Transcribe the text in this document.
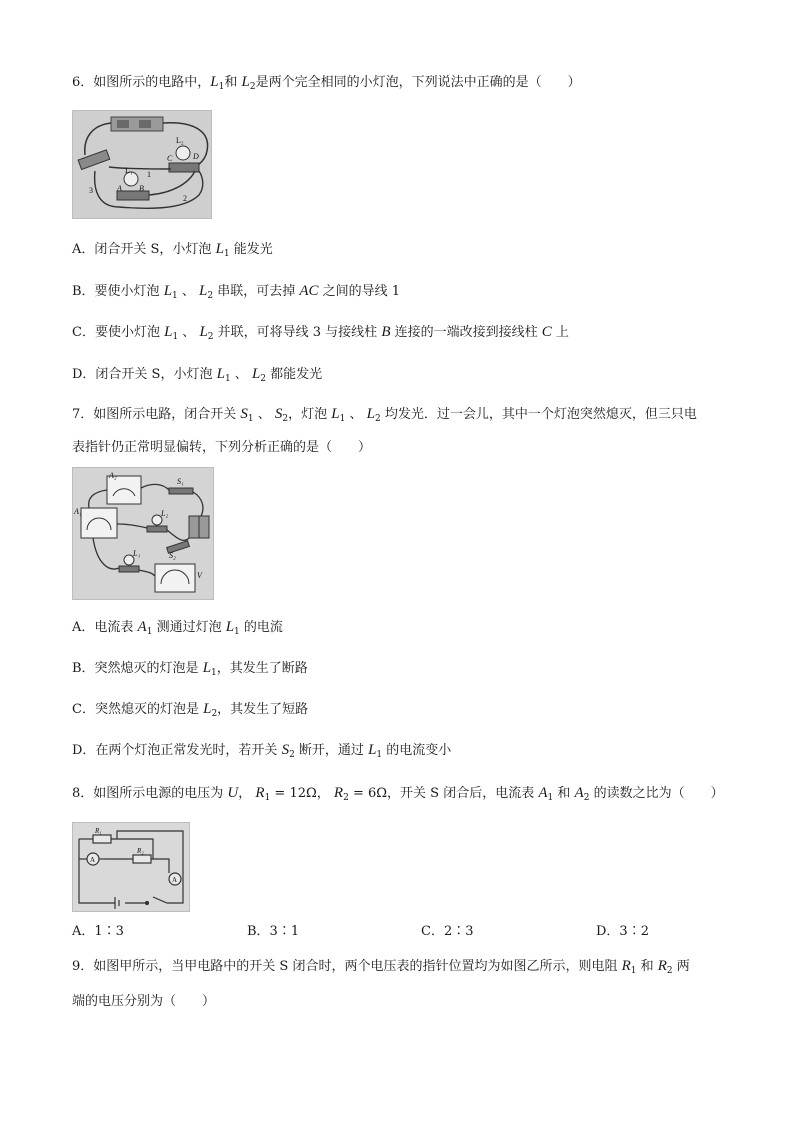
6．如图所示的电路中，$L_1$和 $L_2$是两个完全相同的小灯泡，下列说法中正确的是（　　）
L₂
C	D
L₁
A B
1
2
3
A．闭合开关 S，小灯泡 $L_1$ 能发光
B．要使小灯泡 $L_1$ 、 $L_2$ 串联，可去掉 AC 之间的导线 1
C．要使小灯泡 $L_1$ 、 $L_2$ 并联，可将导线 3 与接线柱 B 连接的一端改接到接线柱 C 上
D．闭合开关 S，小灯泡 $L_1$ 、 $L_2$ 都能发光
7．如图所示电路，闭合开关 $S_1$ 、 $S_2$，灯泡 $L_1$ 、 $L_2$ 均发光．过一会儿，其中一个灯泡突然熄灭，但三只电
表指针仍正常明显偏转，下列分析正确的是（　　）
A₂
A₁
S₁
S₂
L₂
L₁
V
A．电流表 $A_1$ 测通过灯泡 $L_1$ 的电流
B．突然熄灭的灯泡是 $L_1$，其发生了断路
C．突然熄灭的灯泡是 $L_2$，其发生了短路
D．在两个灯泡正常发光时，若开关 $S_2$ 断开，通过 $L_1$ 的电流变小
8．如图所示电源的电压为 U， $R_1 = 12\Omega$， $R_2 = 6\Omega$，开关 S 闭合后，电流表 $A_1$ 和 $A_2$ 的读数之比为（　　）
R₁
R₂
A
A
A．1∶3	B．3∶1	C．2∶3	D．3∶2
9．如图甲所示，当甲电路中的开关 S 闭合时，两个电压表的指针位置均为如图乙所示，则电阻 $R_1$ 和 $R_2$ 两
端的电压分别为（　　）
